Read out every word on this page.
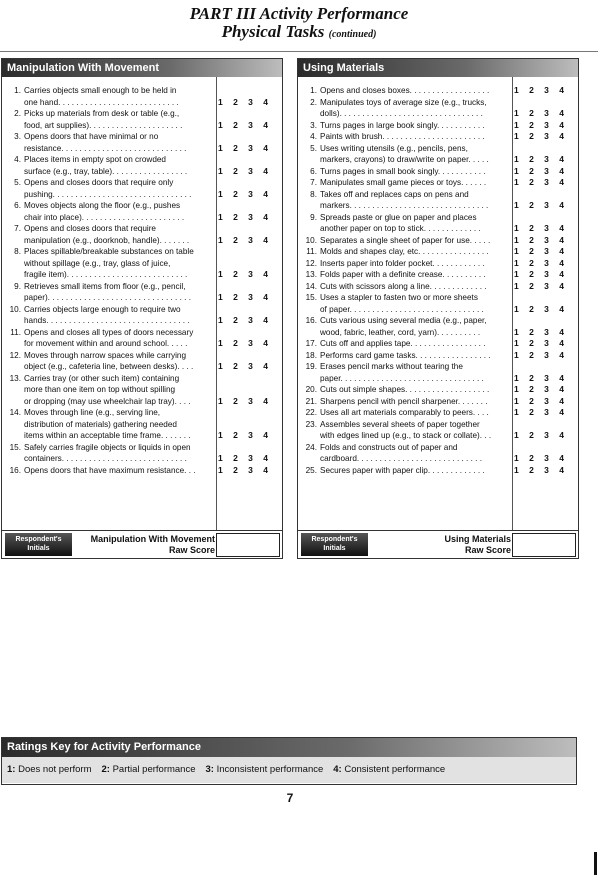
PART III Activity Performance
Physical Tasks (continued)
Manipulation With Movement
1. Carries objects small enough to be held in
one hand. . . . . . . . . . . . . . . . . . . . . . . . . . .	1 2 3 4
2. Picks up materials from desk or table (e.g.,
food, art supplies). . . . . . . . . . . . . . . . . . . . .	1 2 3 4
3. Opens doors that have minimal or no
resistance. . . . . . . . . . . . . . . . . . . . . . . . . . . .	1 2 3 4
4. Places items in empty spot on crowded
surface (e.g., tray, table). . . . . . . . . . . . . . . . .	1 2 3 4
5. Opens and closes doors that require only
pushing. . . . . . . . . . . . . . . . . . . . . . . . . . . . . . .	1 2 3 4
6. Moves objects along the floor (e.g., pushes
chair into place). . . . . . . . . . . . . . . . . . . . . . .	1 2 3 4
7. Opens and closes doors that require
manipulation (e.g., doorknob, handle). . . . . . .	1 2 3 4
8. Places spillable/breakable substances on table
without spillage (e.g., tray, glass of juice,
fragile item). . . . . . . . . . . . . . . . . . . . . . . . . . .	1 2 3 4
9. Retrieves small items from floor (e.g., pencil,
paper). . . . . . . . . . . . . . . . . . . . . . . . . . . . . . . .	1 2 3 4
10. Carries objects large enough to require two
hands. . . . . . . . . . . . . . . . . . . . . . . . . . . . . . . .	1 2 3 4
11. Opens and closes all types of doors necessary
for movement within and around school. . . . .	1 2 3 4
12. Moves through narrow spaces while carrying
object (e.g., cafeteria line, between desks). . . .	1 2 3 4
13. Carries tray (or other such item) containing
more than one item on top without spilling
or dropping (may use wheelchair lap tray). . . .	1 2 3 4
14. Moves through line (e.g., serving line,
distribution of materials) gathering needed
items within an acceptable time frame. . . . . . .	1 2 3 4
15. Safely carries fragile objects or liquids in open
containers. . . . . . . . . . . . . . . . . . . . . . . . . . . .	1 2 3 4
16. Opens doors that have maximum resistance. . .	1 2 3 4
Respondent's Initials
Manipulation With Movement
Raw Score
Using Materials
1. Opens and closes boxes. . . . . . . . . . . . . . . . . .	1 2 3 4
2. Manipulates toys of average size (e.g., trucks,
dolls). . . . . . . . . . . . . . . . . . . . . . . . . . . . . . . .	1 2 3 4
3. Turns pages in large book singly. . . . . . . . . . .	1 2 3 4
4. Paints with brush. . . . . . . . . . . . . . . . . . . . . . .	1 2 3 4
5. Uses writing utensils (e.g., pencils, pens,
markers, crayons) to draw/write on paper. . . . .	1 2 3 4
6. Turns pages in small book singly. . . . . . . . . . .	1 2 3 4
7. Manipulates small game pieces or toys. . . . . .	1 2 3 4
8. Takes off and replaces caps on pens and
markers. . . . . . . . . . . . . . . . . . . . . . . . . . . . . . .	1 2 3 4
9. Spreads paste or glue on paper and places
another paper on top to stick. . . . . . . . . . . . .	1 2 3 4
10. Separates a single sheet of paper for use. . . . .	1 2 3 4
11. Molds and shapes clay, etc. . . . . . . . . . . . . . . .	1 2 3 4
12. Inserts paper into folder pocket. . . . . . . . . . . .	1 2 3 4
13. Folds paper with a definite crease. . . . . . . . . .	1 2 3 4
14. Cuts with scissors along a line. . . . . . . . . . . . .	1 2 3 4
15. Uses a stapler to fasten two or more sheets
of paper. . . . . . . . . . . . . . . . . . . . . . . . . . . . . .	1 2 3 4
16. Cuts various using several media (e.g., paper,
wood, fabric, leather, cord, yarn). . . . . . . . . .	1 2 3 4
17. Cuts off and applies tape. . . . . . . . . . . . . . . . .	1 2 3 4
18. Performs card game tasks. . . . . . . . . . . . . . . . .	1 2 3 4
19. Erases pencil marks without tearing the
paper. . . . . . . . . . . . . . . . . . . . . . . . . . . . . . . .	1 2 3 4
20. Cuts out simple shapes. . . . . . . . . . . . . . . . . . .	1 2 3 4
21. Sharpens pencil with pencil sharpener. . . . . . .	1 2 3 4
22. Uses all art materials comparably to peers. . . .	1 2 3 4
23. Assembles several sheets of paper together
with edges lined up (e.g., to stack or collate). . .	1 2 3 4
24. Folds and constructs out of paper and
cardboard. . . . . . . . . . . . . . . . . . . . . . . . . . . .	1 2 3 4
25. Secures paper with paper clip. . . . . . . . . . . . .	1 2 3 4
Respondent's Initials
Using Materials
Raw Score
Ratings Key for Activity Performance
1: Does not perform 2: Partial performance 3: Inconsistent performance 4: Consistent performance
7
